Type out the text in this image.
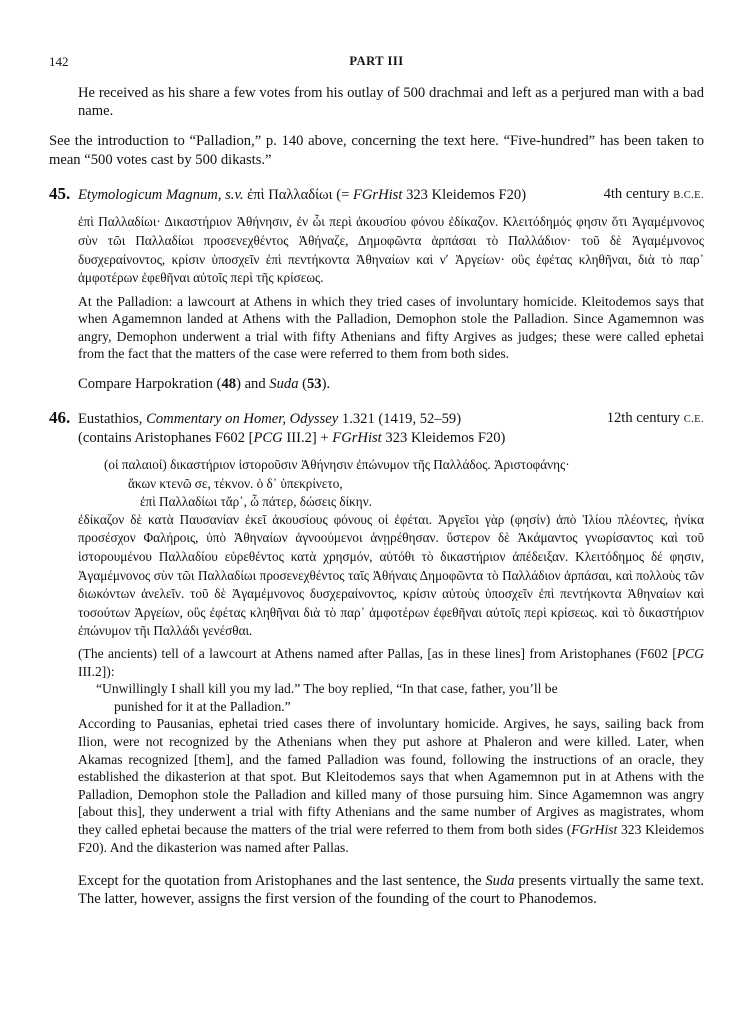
142	PART III

He received as his share a few votes from his outlay of 500 drachmai and left as a perjured man with a bad name.

See the introduction to “Palladion,” p. 140 above, concerning the text here. “Five-hundred” has been taken to mean “500 votes cast by 500 dikasts.”

45. Etymologicum Magnum, s.v. ἐπὶ Παλλαδίωι (= FGrHist 323 Kleidemos F20)	4th century B.C.E.

ἐπὶ Παλλαδίωι· Δικαστήριον Ἀθήνησιν, ἐν ὧι περὶ ἀκουσίου φόνου ἐδίκαζον. Κλειτόδημός φησιν ὅτι Ἀγαμέμνονος σὺν τῶι Παλλαδίωι προσενεχθέντος Ἀθήναζε, Δημοφῶντα ἁρπάσαι τὸ Παλλάδιον· τοῦ δὲ Ἀγαμέμνονος δυσχεραίνοντος, κρίσιν ὑποσχεῖν ἐπὶ πεντήκοντα Ἀθηναίων καὶ νʹ Ἀργείων· οὓς ἐφέτας κληθῆναι, διὰ τὸ παρ᾽ ἀμφοτέρων ἐφεθῆναι αὐτοῖς περὶ τῆς κρίσεως.

At the Palladion: a lawcourt at Athens in which they tried cases of involuntary homicide. Kleitodemos says that when Agamemnon landed at Athens with the Palladion, Demophon stole the Palladion. Since Agamemnon was angry, Demophon underwent a trial with fifty Athenians and fifty Argives as judges; these were called ephetai from the fact that the matters of the case were referred to them from both sides.

Compare Harpokration (48) and Suda (53).

46. Eustathios, Commentary on Homer, Odyssey 1.321 (1419, 52–59)	12th century C.E.
(contains Aristophanes F602 [PCG III.2] + FGrHist 323 Kleidemos F20)

(οἱ παλαιοί) δικαστήριον ἱστοροῦσιν Ἀθήνησιν ἐπώνυμον τῆς Παλλάδος. Ἀριστοφάνης·

ἄκων κτενῶ σε, τέκνον. ὁ δ᾽ ὑπεκρίνετο,

ἐπὶ Παλλαδίωι τἄρ᾽, ὦ πάτερ, δώσεις δίκην.

ἐδίκαζον δὲ κατὰ Παυσανίαν ἐκεῖ ἀκουσίους φόνους οἱ ἐφέται. Ἀργεῖοι γὰρ (φησίν) ἀπὸ Ἰλίου πλέοντες, ἡνίκα προσέσχον Φαλήροις, ὑπὸ Ἀθηναίων ἀγνοούμενοι ἀνῃρέθησαν. ὕστερον δὲ Ἀκάμαντος γνωρίσαντος καὶ τοῦ ἱστορουμένου Παλλαδίου εὑρεθέντος κατὰ χρησμόν, αὐτόθι τὸ δικαστήριον ἀπέδειξαν. Κλειτόδημος δέ φησιν, Ἀγαμέμνονος σὺν τῶι Παλλαδίωι προσενεχθέντος ταῖς Ἀθήναις Δημοφῶντα τὸ Παλλάδιον ἁρπάσαι, καὶ πολλοὺς τῶν διωκόντων ἀνελεῖν. τοῦ δὲ Ἀγαμέμνονος δυσχεραίνοντος, κρίσιν αὐτοὺς ὑποσχεῖν ἐπὶ πεντήκοντα Ἀθηναίων καὶ τοσούτων Ἀργείων, οὓς ἐφέτας κληθῆναι διὰ τὸ παρ᾽ ἀμφοτέρων ἐφεθῆναι αὐτοῖς περὶ κρίσεως. καὶ τὸ δικαστήριον ἐπώνυμον τῆι Παλλάδι γενέσθαι.

(The ancients) tell of a lawcourt at Athens named after Pallas, [as in these lines] from Aristophanes (F602 [PCG III.2]):

“Unwillingly I shall kill you my lad.” The boy replied, “In that case, father, you’ll be

punished for it at the Palladion.”

According to Pausanias, ephetai tried cases there of involuntary homicide. Argives, he says, sailing back from Ilion, were not recognized by the Athenians when they put ashore at Phaleron and were killed. Later, when Akamas recognized [them], and the famed Palladion was found, following the instructions of an oracle, they established the dikasterion at that spot. But Kleitodemos says that when Agamemnon put in at Athens with the Palladion, Demophon stole the Palladion and killed many of those pursuing him. Since Agamemnon was angry [about this], they underwent a trial with fifty Athenians and the same number of Argives as magistrates, whom they called ephetai because the matters of the trial were referred to them from both sides (FGrHist 323 Kleidemos F20). And the dikasterion was named after Pallas.

Except for the quotation from Aristophanes and the last sentence, the Suda presents virtually the same text. The latter, however, assigns the first version of the founding of the court to Phanodemos.
